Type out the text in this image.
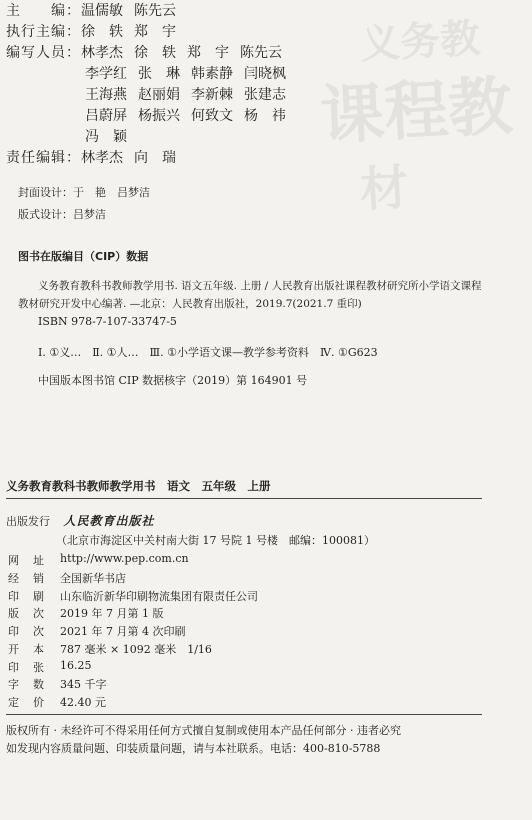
义务教
课程教
材
主　　编：温儒敏 陈先云
执行主编：徐　轶 郑　宇
编写人员：林孝杰 徐　轶 郑　宇 陈先云
李学红 张　琳 韩素静 闫晓枫
王海燕 赵丽娟 李新棘 张建志
吕蔚屏 杨振兴 何致文 杨　祎
冯　颖
责任编辑：林孝杰 向　瑞
封面设计：于　艳　吕梦洁
版式设计：吕梦洁
图书在版编目（CIP）数据
义务教育教科书教师教学用书. 语文五年级. 上册 / 人民教育出版社课程教材研究所小学语文课程
教材研究开发中心编著. —北京：人民教育出版社，2019.7(2021.7 重印)
ISBN 978-7-107-33747-5
Ⅰ. ①义…　Ⅱ. ①人…　Ⅲ. ①小学语文课—教学参考资料　Ⅳ. ①G623
中国版本图书馆 CIP 数据核字（2019）第 164901 号
义务教育教科书教师教学用书　语文　五年级　上册
出版发行 人民教育出版社
（北京市海淀区中关村南大街 17 号院 1 号楼　邮编：100081）
网址 http://www.pep.com.cn
经销 全国新华书店
印刷 山东临沂新华印刷物流集团有限责任公司
版次 2019 年 7 月第 1 版
印次 2021 年 7 月第 4 次印刷
开本 787 毫米 × 1092 毫米　1/16
印张 16.25
字数 345 千字
定价 42.40 元
版权所有 · 未经许可不得采用任何方式擅自复制或使用本产品任何部分 · 违者必究
如发现内容质量问题、印装质量问题，请与本社联系。电话：400-810-5788
